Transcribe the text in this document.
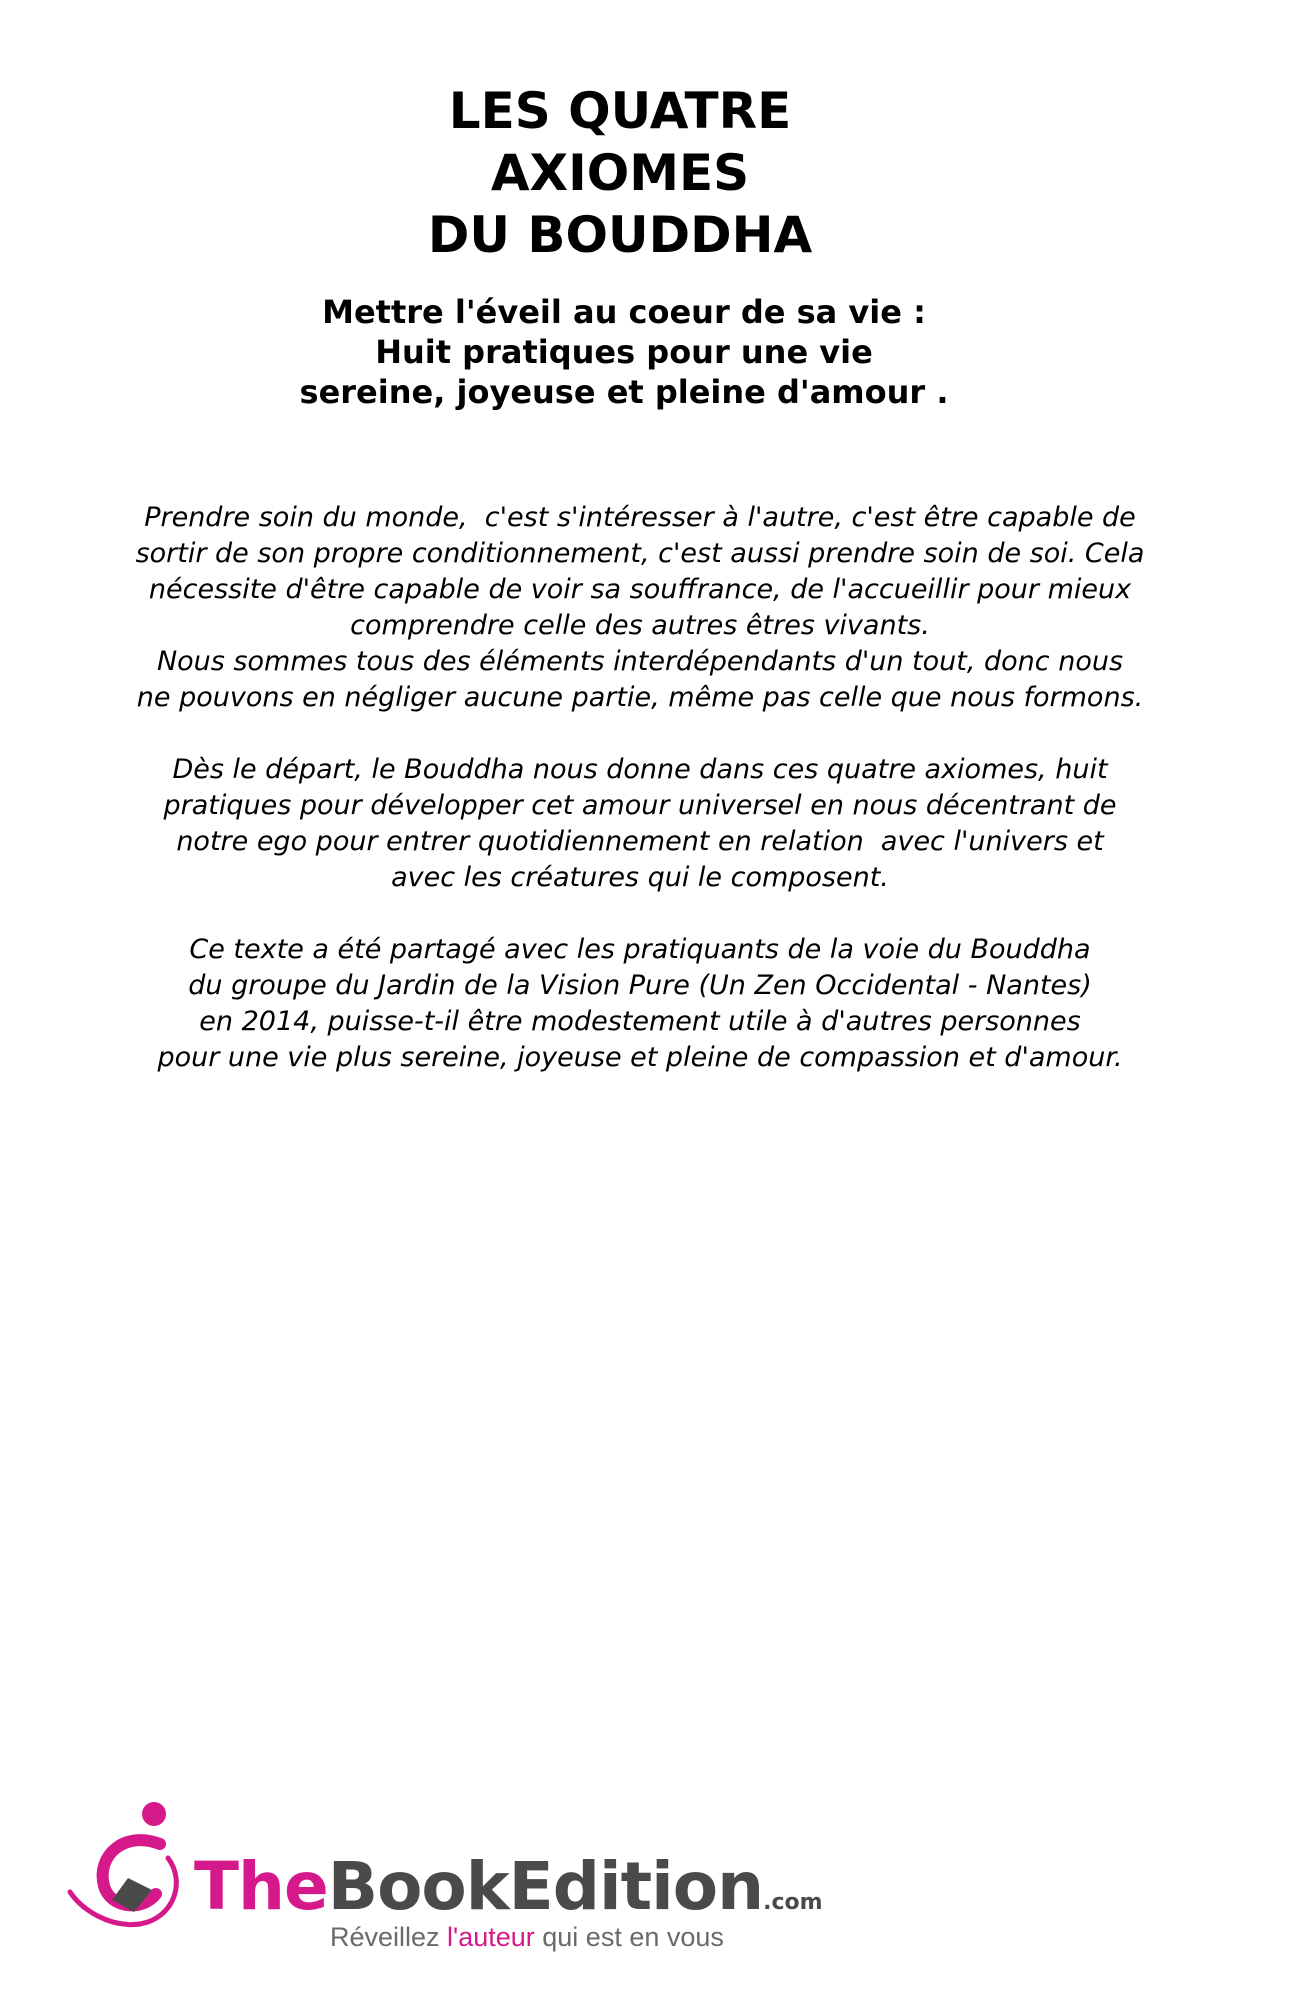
LES QUATRE
AXIOMES
DU BOUDDHA
Mettre l'éveil au coeur de sa vie :
Huit pratiques pour une vie
sereine, joyeuse et pleine d'amour .

Prendre soin du monde,  c'est s'intéresser à l'autre, c'est être capable de
sortir de son propre conditionnement, c'est aussi prendre soin de soi. Cela
nécessite d'être capable de voir sa souffrance, de l'accueillir pour mieux
comprendre celle des autres êtres vivants.
Nous sommes tous des éléments interdépendants d'un tout, donc nous
ne pouvons en négliger aucune partie, même pas celle que nous formons.

Dès le départ, le Bouddha nous donne dans ces quatre axiomes, huit
pratiques pour développer cet amour universel en nous décentrant de
notre ego pour entrer quotidiennement en relation  avec l'univers et
avec les créatures qui le composent.

Ce texte a été partagé avec les pratiquants de la voie du Bouddha
du groupe du Jardin de la Vision Pure (Un Zen Occidental - Nantes)
en 2014, puisse-t-il être modestement utile à d'autres personnes
pour une vie plus sereine, joyeuse et pleine de compassion et d'amour.

TheBookEdition.com
Réveillez l'auteur qui est en vous
